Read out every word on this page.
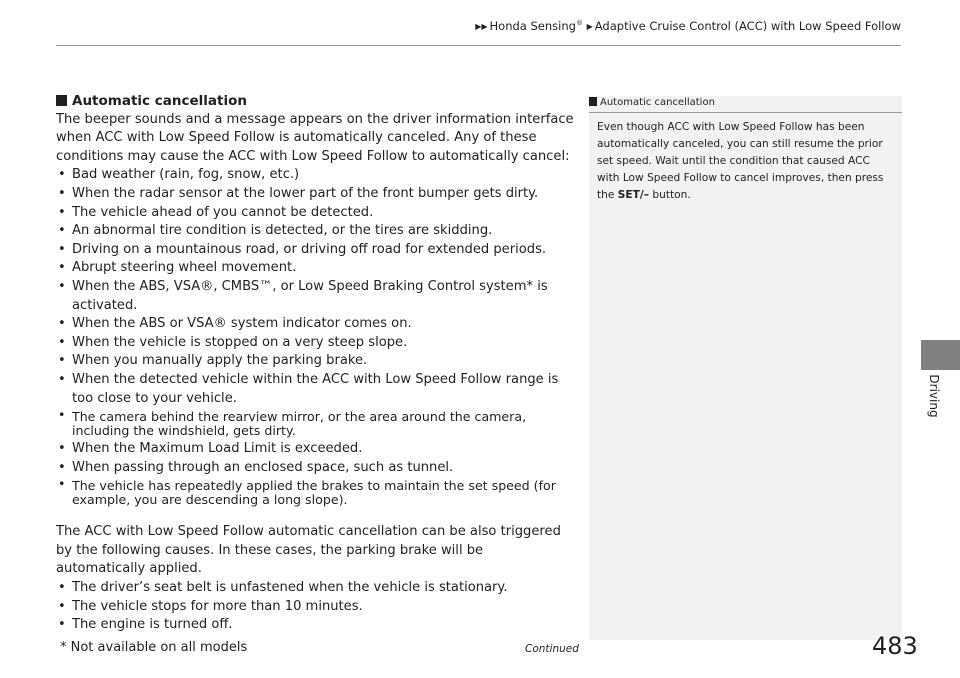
▶▶ Honda Sensing® ▶ Adaptive Cruise Control (ACC) with Low Speed Follow
Driving

Automatic cancellation

The beeper sounds and a message appears on the driver information interface when ACC with Low Speed Follow is automatically canceled. Any of these conditions may cause the ACC with Low Speed Follow to automatically cancel:

• Bad weather (rain, fog, snow, etc.)
• When the radar sensor at the lower part of the front bumper gets dirty.
• The vehicle ahead of you cannot be detected.
• An abnormal tire condition is detected, or the tires are skidding.
• Driving on a mountainous road, or driving off road for extended periods.
• Abrupt steering wheel movement.
• When the ABS, VSA®, CMBS™, or Low Speed Braking Control system* is activated.
• When the ABS or VSA® system indicator comes on.
• When the vehicle is stopped on a very steep slope.
• When you manually apply the parking brake.
• When the detected vehicle within the ACC with Low Speed Follow range is too close to your vehicle.
• The camera behind the rearview mirror, or the area around the camera, including the windshield, gets dirty.
• When the Maximum Load Limit is exceeded.
• When passing through an enclosed space, such as tunnel.
• The vehicle has repeatedly applied the brakes to maintain the set speed (for example, you are descending a long slope).

The ACC with Low Speed Follow automatic cancellation can be also triggered by the following causes. In these cases, the parking brake will be automatically applied.

• The driver’s seat belt is unfastened when the vehicle is stationary.
• The vehicle stops for more than 10 minutes.
• The engine is turned off.
Automatic cancellation
Even though ACC with Low Speed Follow has been automatically canceled, you can still resume the prior set speed. Wait until the condition that caused ACC with Low Speed Follow to cancel improves, then press the SET/– button.
* Not available on all models	Continued	483
